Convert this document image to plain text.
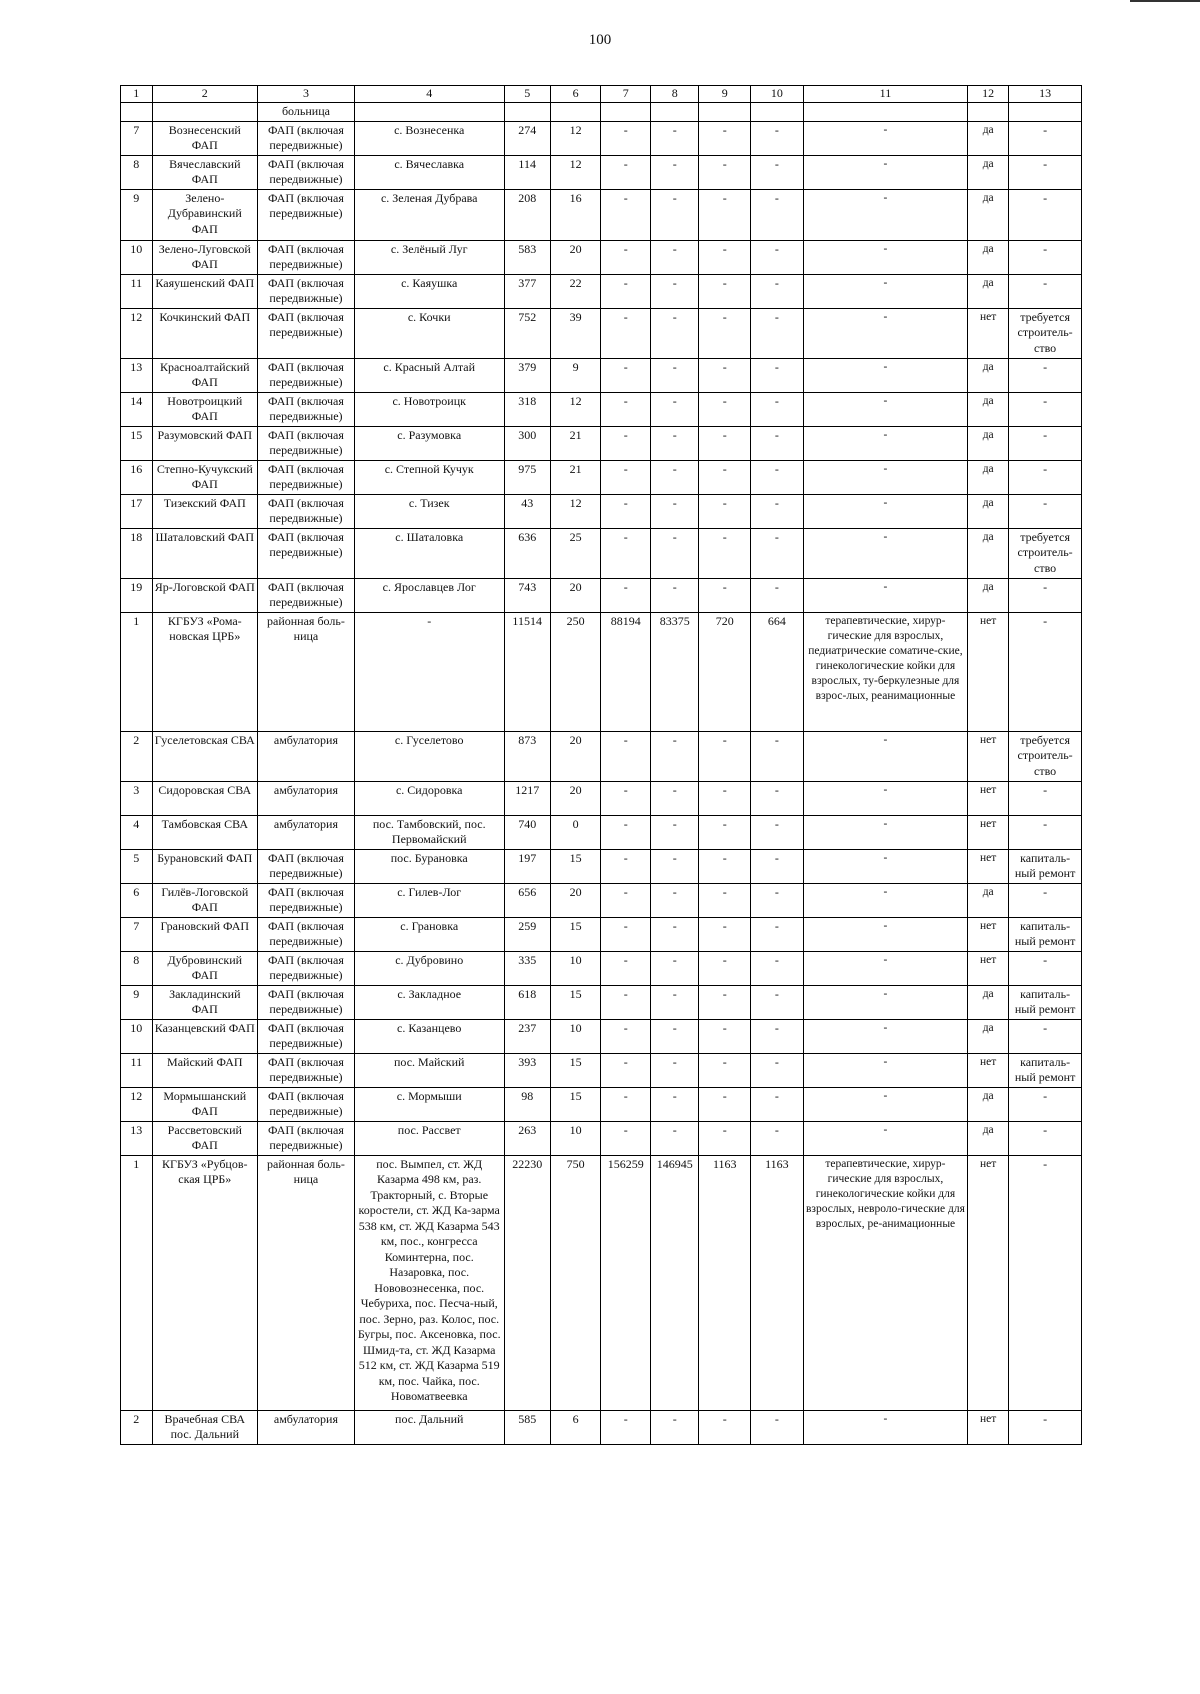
100
1	2	3	4	5	6	7	8	9	10	11	12	13
		больница										
7	Вознесенский ФАП	ФАП (включая передвижные)	с. Вознесенка	274	12	-	-	-	-	-	да	-
8	Вячеславский ФАП	ФАП (включая передвижные)	с. Вячеславка	114	12	-	-	-	-	-	да	-
9	Зелено-Дубравинский ФАП	ФАП (включая передвижные)	с. Зеленая Дубрава	208	16	-	-	-	-	-	да	-
10	Зелено-Луговской ФАП	ФАП (включая передвижные)	с. Зелёный Луг	583	20	-	-	-	-	-	да	-
11	Каяушенский ФАП	ФАП (включая передвижные)	с. Каяушка	377	22	-	-	-	-	-	да	-
12	Кочкинский ФАП	ФАП (включая передвижные)	с. Кочки	752	39	-	-	-	-	-	нет	требуется строитель-ство
13	Красноалтайский ФАП	ФАП (включая передвижные)	с. Красный Алтай	379	9	-	-	-	-	-	да	-
14	Новотроицкий ФАП	ФАП (включая передвижные)	с. Новотроицк	318	12	-	-	-	-	-	да	-
15	Разумовский ФАП	ФАП (включая передвижные)	с. Разумовка	300	21	-	-	-	-	-	да	-
16	Степно-Кучукский ФАП	ФАП (включая передвижные)	с. Степной Кучук	975	21	-	-	-	-	-	да	-
17	Тизекский ФАП	ФАП (включая передвижные)	с. Тизек	43	12	-	-	-	-	-	да	-
18	Шаталовский ФАП	ФАП (включая передвижные)	с. Шаталовка	636	25	-	-	-	-	-	да	требуется строитель-ство
19	Яр-Логовской ФАП	ФАП (включая передвижные)	с. Ярославцев Лог	743	20	-	-	-	-	-	да	-
1	КГБУЗ «Рома-новская ЦРБ»	районная боль-ница	-	11514	250	88194	83375	720	664	терапевтические, хирур-гические для взрослых, педиатрические соматиче-ские, гинекологические койки для взрослых, ту-беркулезные для взрос-лых, реанимационные	нет	-
2	Гуселетовская СВА	амбулатория	с. Гуселетово	873	20	-	-	-	-	-	нет	требуется строитель-ство
3	Сидоровская СВА	амбулатория	с. Сидоровка	1217	20	-	-	-	-	-	нет	-
4	Тамбовская СВА	амбулатория	пос. Тамбовский, пос. Первомайский	740	0	-	-	-	-	-	нет	-
5	Бурановский ФАП	ФАП (включая передвижные)	пос. Бурановка	197	15	-	-	-	-	-	нет	капиталь-ный ремонт
6	Гилёв-Логовской ФАП	ФАП (включая передвижные)	с. Гилев-Лог	656	20	-	-	-	-	-	да	-
7	Грановский ФАП	ФАП (включая передвижные)	с. Грановка	259	15	-	-	-	-	-	нет	капиталь-ный ремонт
8	Дубровинский ФАП	ФАП (включая передвижные)	с. Дубровино	335	10	-	-	-	-	-	нет	-
9	Закладинский ФАП	ФАП (включая передвижные)	с. Закладное	618	15	-	-	-	-	-	да	капиталь-ный ремонт
10	Казанцевский ФАП	ФАП (включая передвижные)	с. Казанцево	237	10	-	-	-	-	-	да	-
11	Майский ФАП	ФАП (включая передвижные)	пос. Майский	393	15	-	-	-	-	-	нет	капиталь-ный ремонт
12	Мормышанский ФАП	ФАП (включая передвижные)	с. Мормыши	98	15	-	-	-	-	-	да	-
13	Рассветовский ФАП	ФАП (включая передвижные)	пос. Рассвет	263	10	-	-	-	-	-	да	-
1	КГБУЗ «Рубцов-ская ЦРБ»	районная боль-ница	пос. Вымпел, ст. ЖД Казарма 498 км, раз. Тракторный, с. Вторые коростели, ст. ЖД Ка-зарма 538 км, ст. ЖД Казарма 543 км, пос., конгресса Коминтерна, пос. Назаровка, пос. Нововознесенка, пос. Чебуриха, пос. Песча-ный, пос. Зерно, раз. Колос, пос. Бугры, пос. Аксеновка, пос. Шмид-та, ст. ЖД Казарма 512 км, ст. ЖД Казарма 519 км, пос. Чайка, пос. Новоматвеевка	22230	750	156259	146945	1163	1163	терапевтические, хирур-гические для взрослых, гинекологические койки для взрослых, невроло-гические для взрослых, ре-анимационные	нет	-
2	Врачебная СВА пос. Дальний	амбулатория	пос. Дальний	585	6	-	-	-	-	-	нет	-
